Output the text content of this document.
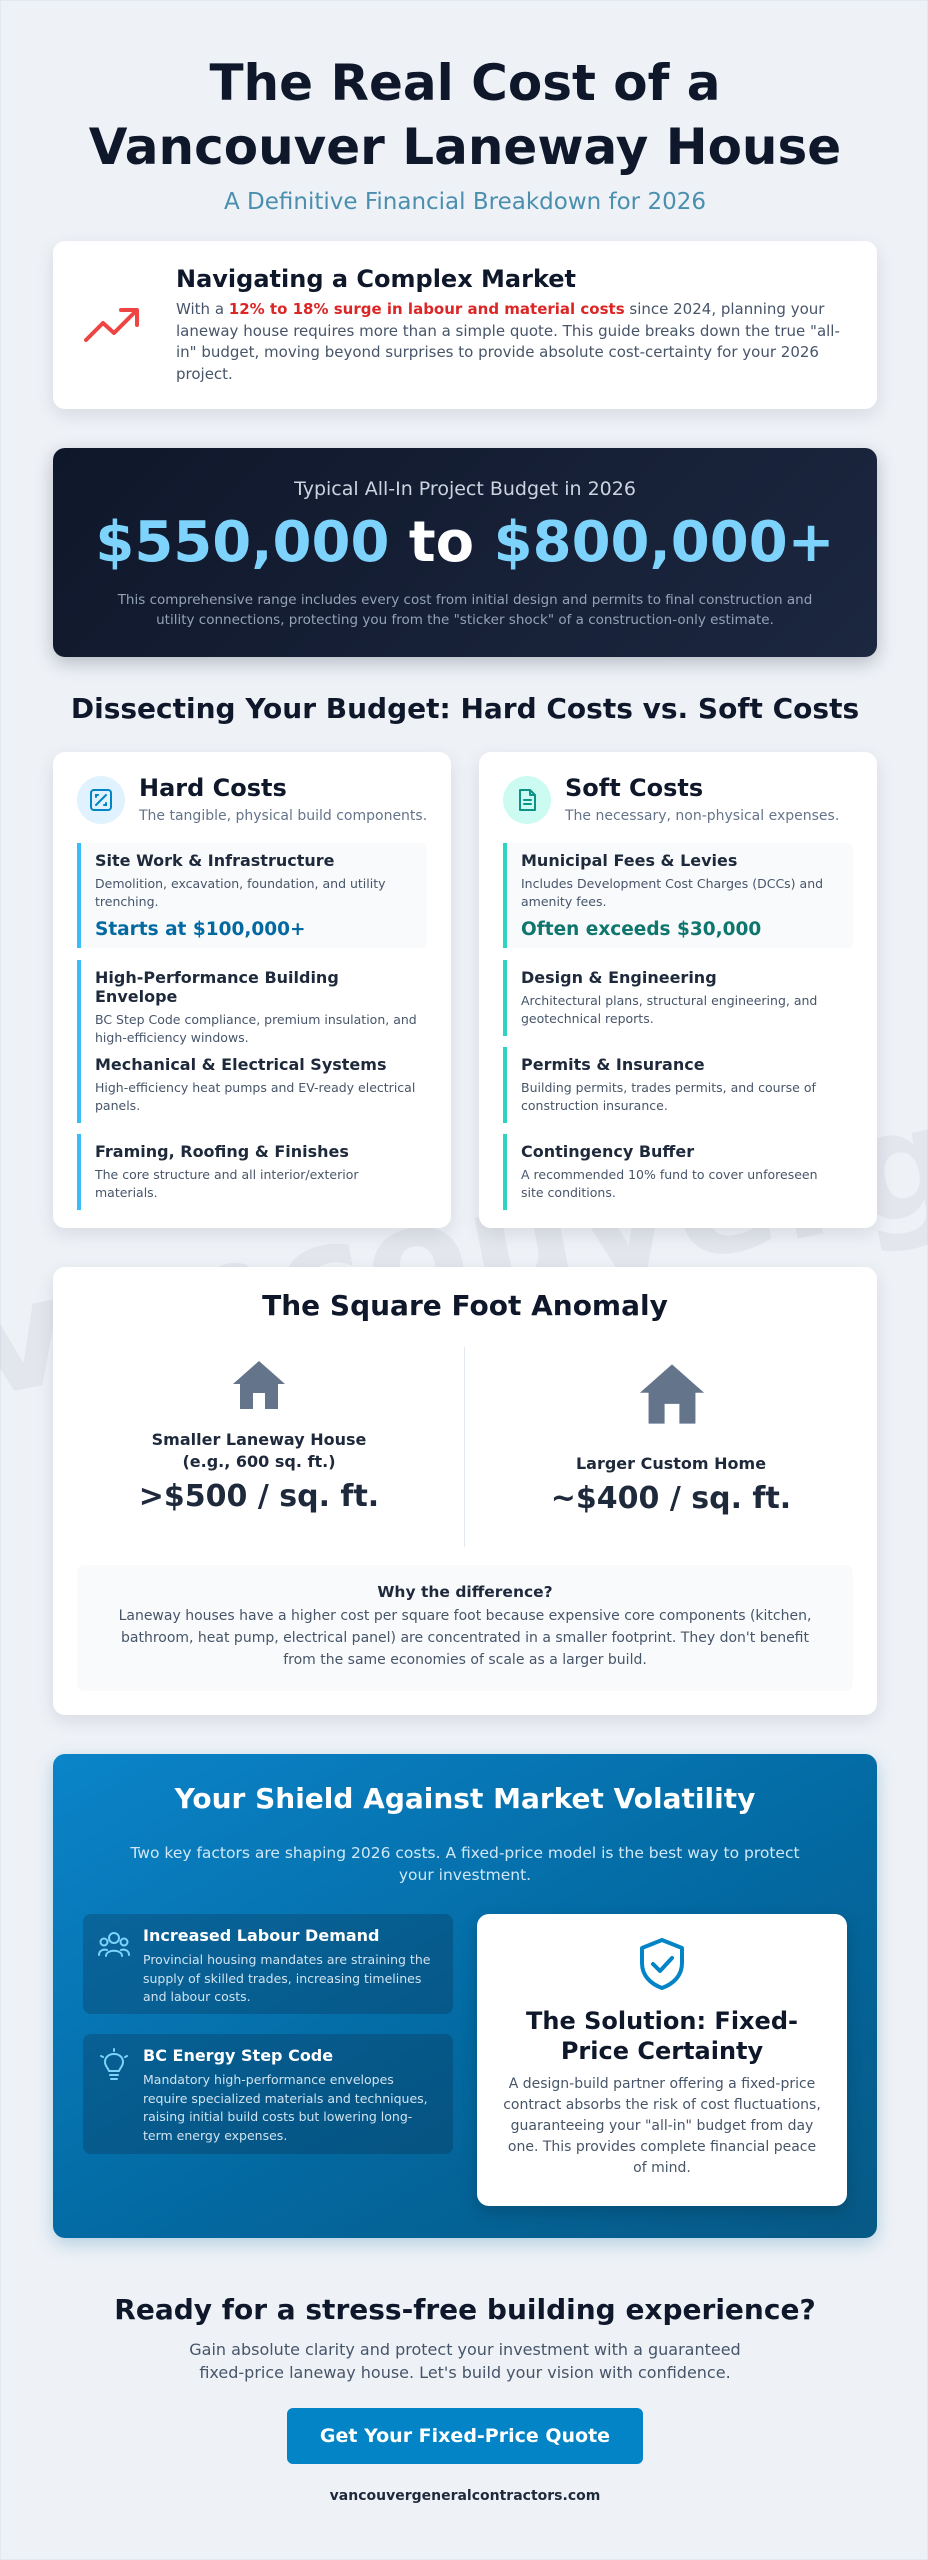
The Real Cost of a Vancouver Laneway House
A Definitive Financial Breakdown for 2026
Navigating a Complex Market
With a 12% to 18% surge in labour and material costs since 2024, planning your laneway house requires more than a simple quote. This guide breaks down the true "all-in" budget, moving beyond surprises to provide absolute cost-certainty for your 2026 project.
Typical All-In Project Budget in 2026
$550,000 to $800,000+
This comprehensive range includes every cost from initial design and permits to final construction and utility connections, protecting you from the "sticker shock" of a construction-only estimate.
Dissecting Your Budget: Hard Costs vs. Soft Costs
Hard Costs
The tangible, physical build components.
Site Work & Infrastructure
Demolition, excavation, foundation, and utility trenching.
Starts at $100,000+
High-Performance Building Envelope
BC Step Code compliance, premium insulation, and high-efficiency windows.
Mechanical & Electrical Systems
High-efficiency heat pumps and EV-ready electrical panels.
Framing, Roofing & Finishes
The core structure and all interior/exterior materials.
Soft Costs
The necessary, non-physical expenses.
Municipal Fees & Levies
Includes Development Cost Charges (DCCs) and amenity fees.
Often exceeds $30,000
Design & Engineering
Architectural plans, structural engineering, and geotechnical reports.
Permits & Insurance
Building permits, trades permits, and course of construction insurance.
Contingency Buffer
A recommended 10% fund to cover unforeseen site conditions.
The Square Foot Anomaly
Smaller Laneway House
(e.g., 600 sq. ft.)
>$500 / sq. ft.
Larger Custom Home
~$400 / sq. ft.
Why the difference?
Laneway houses have a higher cost per square foot because expensive core components (kitchen, bathroom, heat pump, electrical panel) are concentrated in a smaller footprint. They don't benefit from the same economies of scale as a larger build.
Your Shield Against Market Volatility
Two key factors are shaping 2026 costs. A fixed-price model is the best way to protect your investment.
Increased Labour Demand
Provincial housing mandates are straining the supply of skilled trades, increasing timelines and labour costs.
BC Energy Step Code
Mandatory high-performance envelopes require specialized materials and techniques, raising initial build costs but lowering long-term energy expenses.
The Solution: Fixed-Price Certainty
A design-build partner offering a fixed-price contract absorbs the risk of cost fluctuations, guaranteeing your "all-in" budget from day one. This provides complete financial peace of mind.
Ready for a stress-free building experience?
Gain absolute clarity and protect your investment with a guaranteed fixed-price laneway house. Let's build your vision with confidence.
Get Your Fixed-Price Quote
vancouvergeneralcontractors.com
